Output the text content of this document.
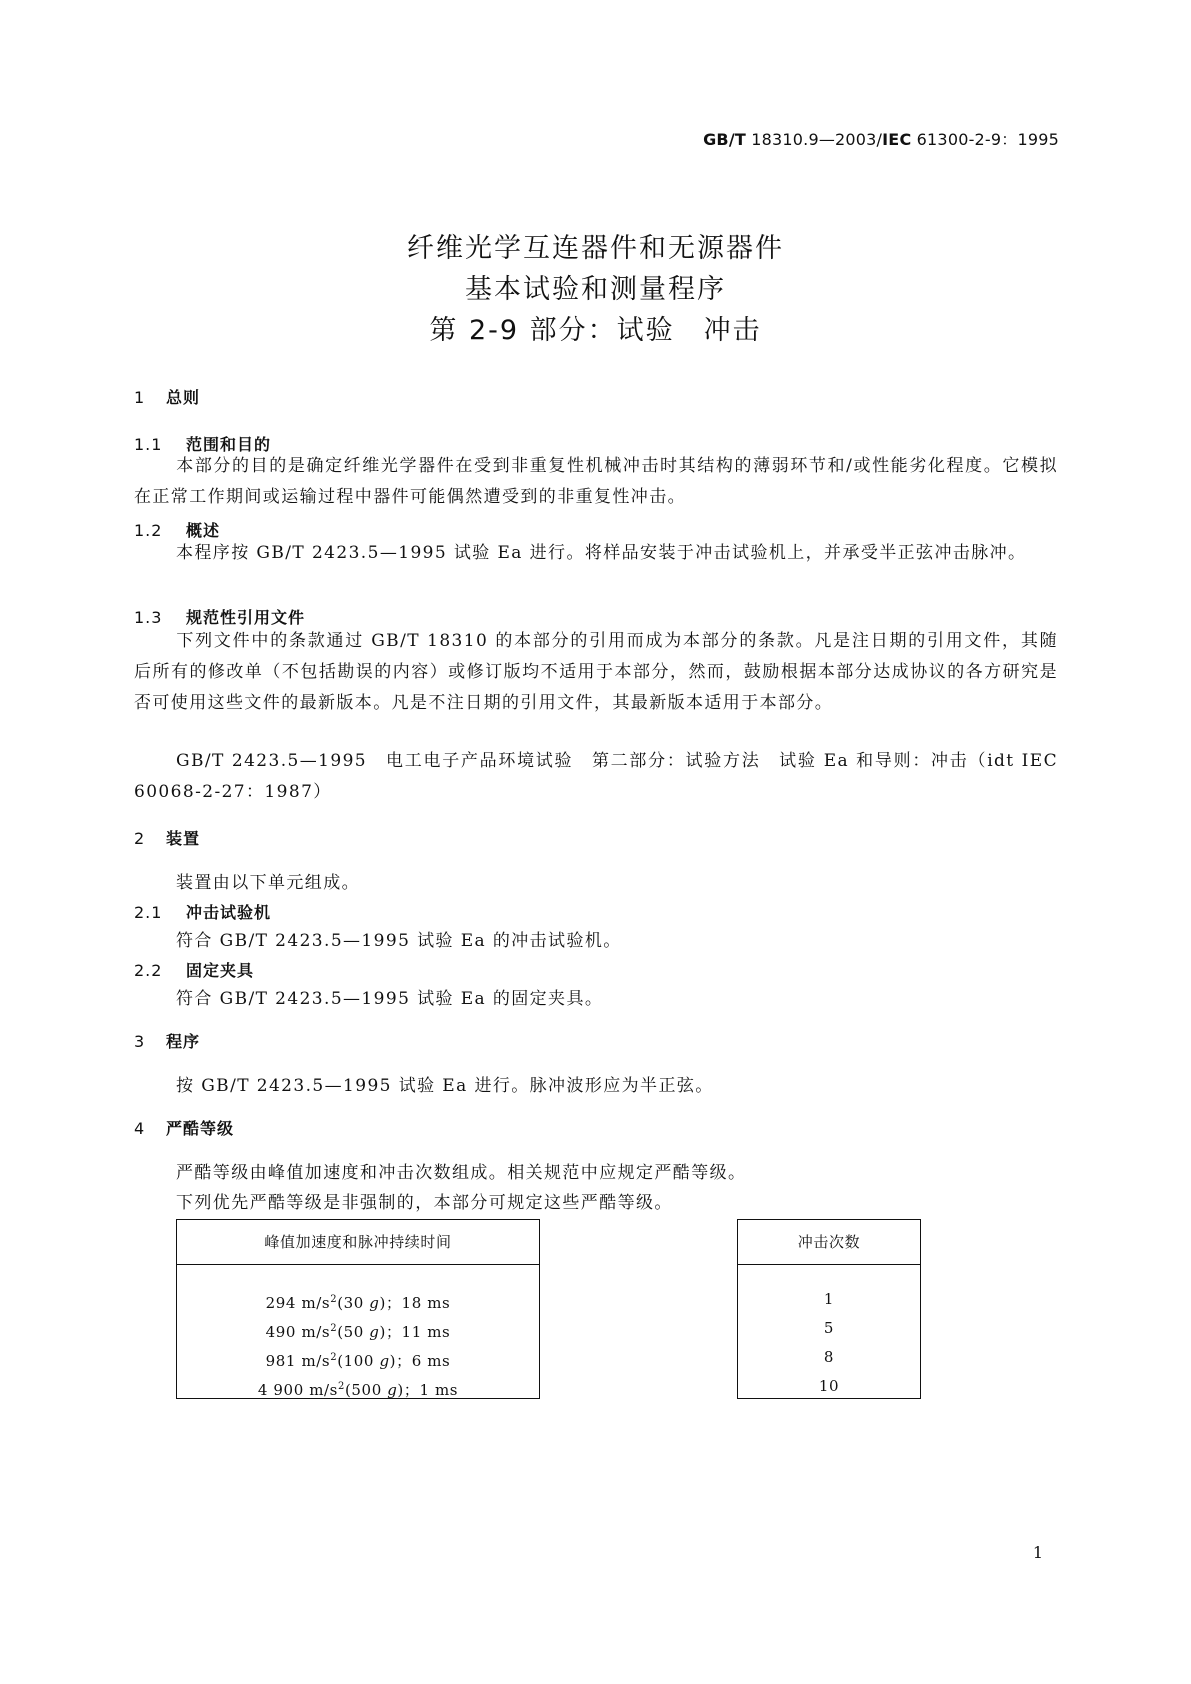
GB/T 18310.9—2003/IEC 61300-2-9：1995
纤维光学互连器件和无源器件
基本试验和测量程序
第 2-9 部分：试验　冲击
1 总则
1.1 范围和目的
本部分的目的是确定纤维光学器件在受到非重复性机械冲击时其结构的薄弱环节和/或性能劣化程度。它模拟在正常工作期间或运输过程中器件可能偶然遭受到的非重复性冲击。
1.2 概述
本程序按 GB/T 2423.5—1995 试验 Ea 进行。将样品安装于冲击试验机上，并承受半正弦冲击脉冲。
1.3 规范性引用文件
下列文件中的条款通过 GB/T 18310 的本部分的引用而成为本部分的条款。凡是注日期的引用文件，其随后所有的修改单（不包括勘误的内容）或修订版均不适用于本部分，然而，鼓励根据本部分达成协议的各方研究是否可使用这些文件的最新版本。凡是不注日期的引用文件，其最新版本适用于本部分。
GB/T 2423.5—1995　电工电子产品环境试验　第二部分：试验方法　试验 Ea 和导则：冲击（idt IEC 60068-2-27：1987）
2 装置
装置由以下单元组成。
2.1 冲击试验机
符合 GB/T 2423.5—1995 试验 Ea 的冲击试验机。
2.2 固定夹具
符合 GB/T 2423.5—1995 试验 Ea 的固定夹具。
3 程序
按 GB/T 2423.5—1995 试验 Ea 进行。脉冲波形应为半正弦。
4 严酷等级
严酷等级由峰值加速度和冲击次数组成。相关规范中应规定严酷等级。
下列优先严酷等级是非强制的，本部分可规定这些严酷等级。
峰值加速度和脉冲持续时间
294 $m/s^2(30$ g)；18 ms
490 $m/s^2(50$ g)；11 ms
981 $m/s^2(100$ g)；6 ms
4 900 $m/s^2(500$ g)；1 ms
冲击次数
1
5
8
10
1
